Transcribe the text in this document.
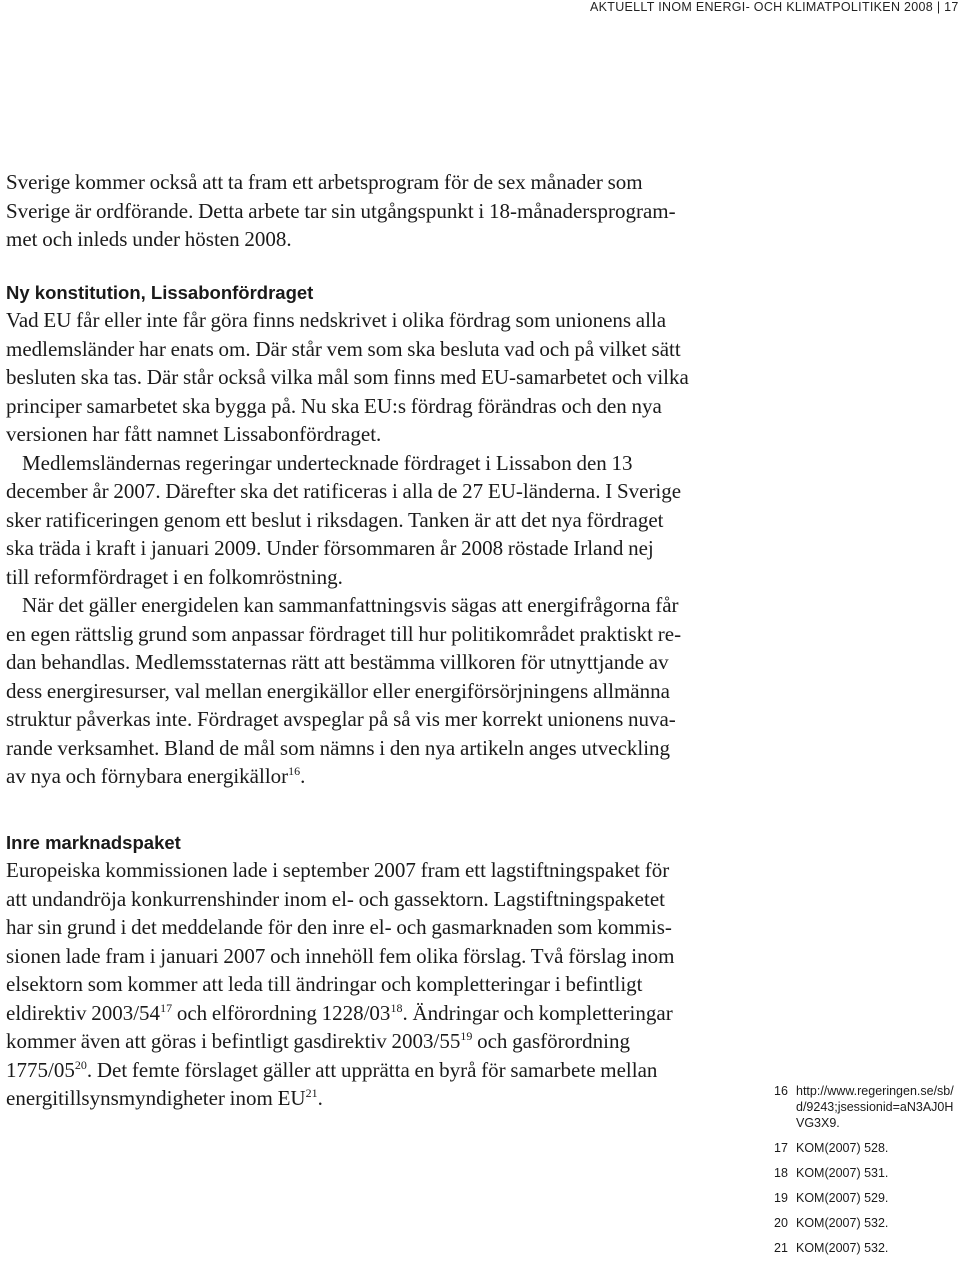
AKTUELLT INOM ENERGI- OCH KLIMATPOLITIKEN 2008 | 17
Sverige kommer också att ta fram ett arbetsprogram för de sex månader som
Sverige är ordförande. Detta arbete tar sin utgångspunkt i 18-månadersprogram-
met och inleds under hösten 2008.
Ny konstitution, Lissabonfördraget
Vad EU får eller inte får göra finns nedskrivet i olika fördrag som unionens alla
medlemsländer har enats om. Där står vem som ska besluta vad och på vilket sätt
besluten ska tas. Där står också vilka mål som finns med EU-samarbetet och vilka
principer samarbetet ska bygga på. Nu ska EU:s fördrag förändras och den nya
versionen har fått namnet Lissabonfördraget.
Medlemsländernas regeringar undertecknade fördraget i Lissabon den 13
december år 2007. Därefter ska det ratificeras i alla de 27 EU-länderna. I Sverige
sker ratificeringen genom ett beslut i riksdagen. Tanken är att det nya fördraget
ska träda i kraft i januari 2009. Under försommaren år 2008 röstade Irland nej
till reformfördraget i en folkomröstning.
När det gäller energidelen kan sammanfattningsvis sägas att energifrågorna får
en egen rättslig grund som anpassar fördraget till hur politikområdet praktiskt re-
dan behandlas. Medlemsstaternas rätt att bestämma villkoren för utnyttjande av
dess energiresurser, val mellan energikällor eller energiförsörjningens allmänna
struktur påverkas inte. Fördraget avspeglar på så vis mer korrekt unionens nuva-
rande verksamhet. Bland de mål som nämns i den nya artikeln anges utveckling
av nya och förnybara energikällor$^{16}$.
Inre marknadspaket
Europeiska kommissionen lade i september 2007 fram ett lagstiftningspaket för
att undandröja konkurrenshinder inom el- och gassektorn. Lagstiftningspaketet
har sin grund i det meddelande för den inre el- och gasmarknaden som kommis-
sionen lade fram i januari 2007 och innehöll fem olika förslag. Två förslag inom
elsektorn som kommer att leda till ändringar och kompletteringar i befintligt
eldirektiv $2003/54^{17}$ och elförordning $1228/03^{18}$. Ändringar och kompletteringar
kommer även att göras i befintligt gasdirektiv $2003/55^{19}$ och gasförordning
$1775/05^{20}$. Det femte förslaget gäller att upprätta en byrå för samarbete mellan
energitillsynsmyndigheter inom EU$^{21}$.	16 http://www.regeringen.se/sb/d/9243;jsessionid=aN3AJ0HVG3X9.
17 KOM(2007) 528.
18 KOM(2007) 531.
19 KOM(2007) 529.
20 KOM(2007) 532.
21 KOM(2007) 532.
